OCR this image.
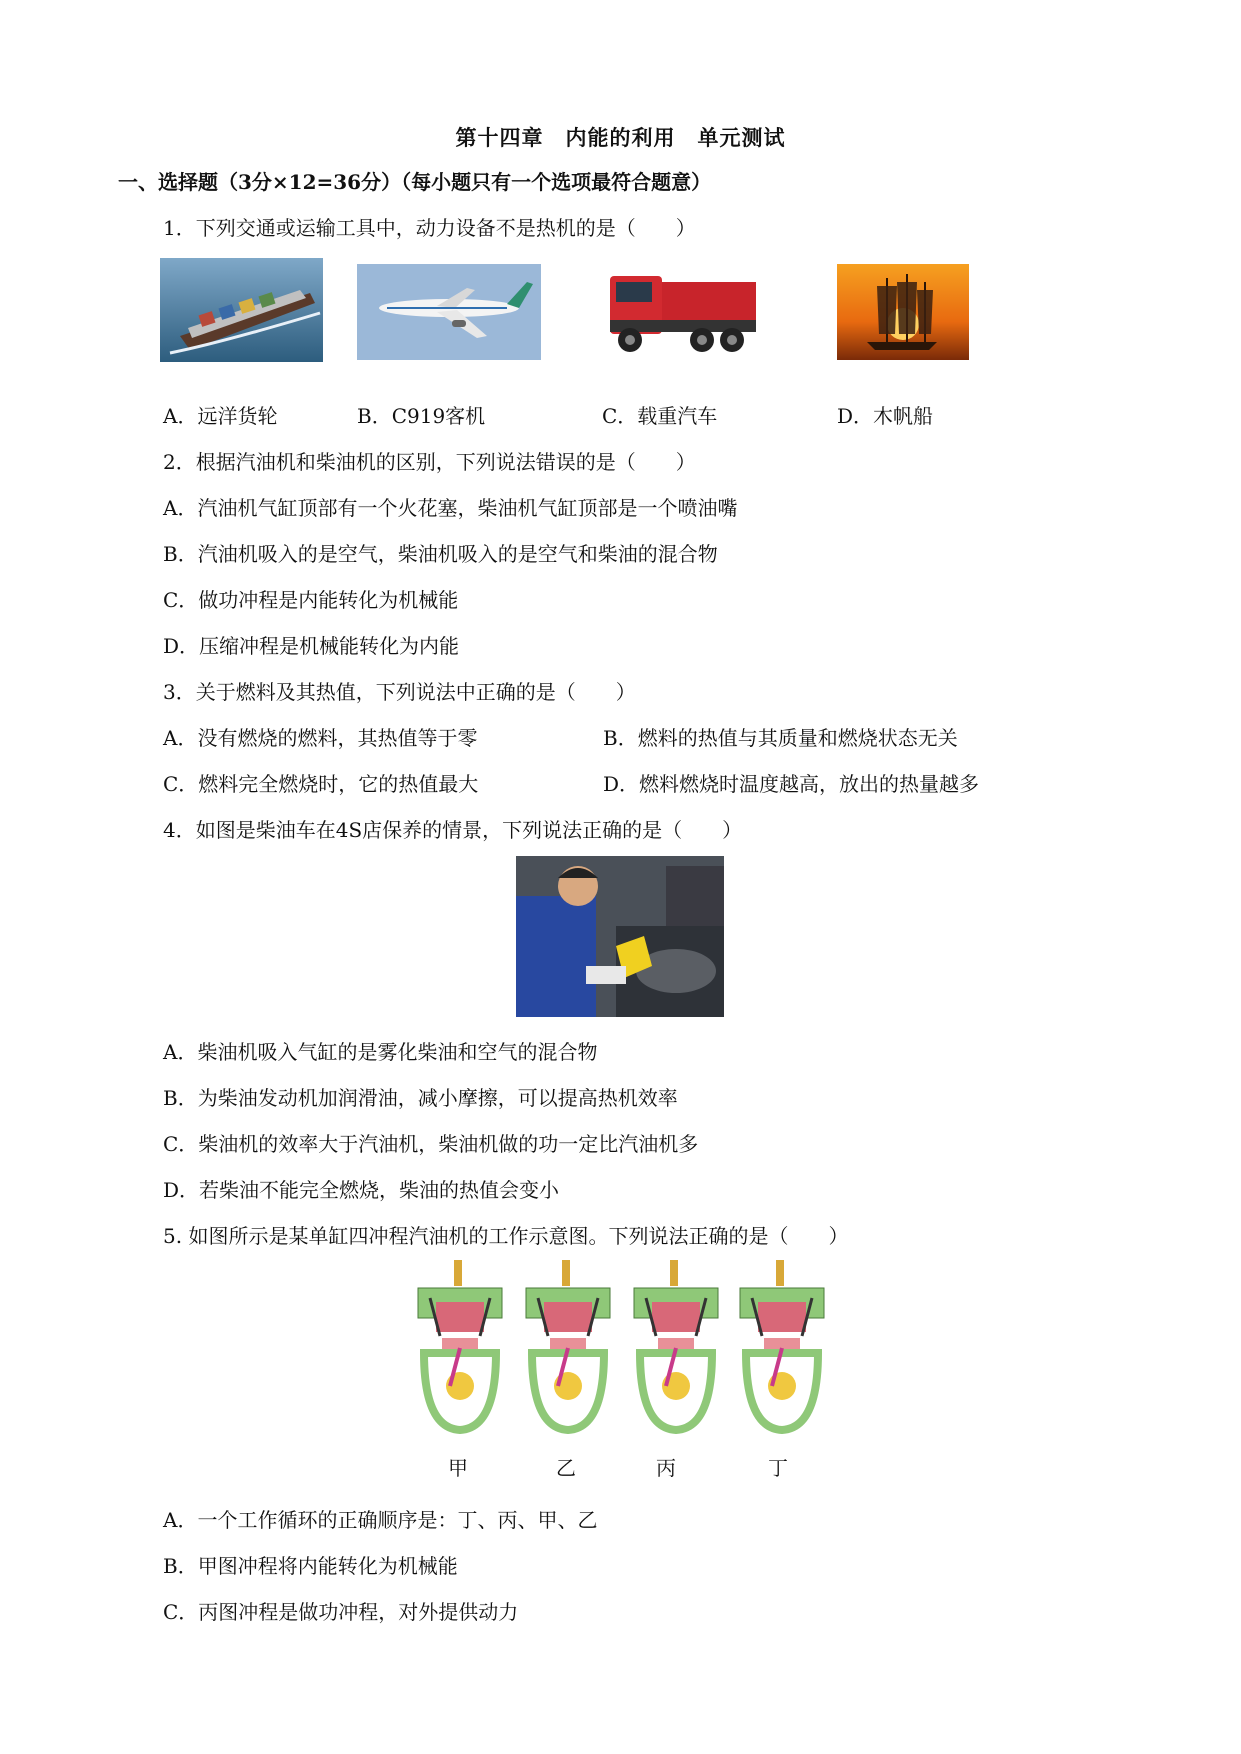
第十四章　内能的利用　单元测试
一、选择题（3分×12=36分）（每小题只有一个选项最符合题意）
1．下列交通或运输工具中，动力设备不是热机的是（　　）
A．远洋货轮	B．C919客机	C．载重汽车	D．木帆船
2．根据汽油机和柴油机的区别，下列说法错误的是（　　）
A．汽油机气缸顶部有一个火花塞，柴油机气缸顶部是一个喷油嘴
B．汽油机吸入的是空气，柴油机吸入的是空气和柴油的混合物
C．做功冲程是内能转化为机械能
D．压缩冲程是机械能转化为内能
3．关于燃料及其热值，下列说法中正确的是（　　）
A．没有燃烧的燃料，其热值等于零	B．燃料的热值与其质量和燃烧状态无关
C．燃料完全燃烧时，它的热值最大	D．燃料燃烧时温度越高，放出的热量越多
4．如图是柴油车在4S店保养的情景，下列说法正确的是（　　）
A．柴油机吸入气缸的是雾化柴油和空气的混合物
B．为柴油发动机加润滑油，减小摩擦，可以提高热机效率
C．柴油机的效率大于汽油机，柴油机做的功一定比汽油机多
D．若柴油不能完全燃烧，柴油的热值会变小
5. 如图所示是某单缸四冲程汽油机的工作示意图。下列说法正确的是（　　）
甲	乙	丙	丁
A．一个工作循环的正确顺序是：丁、丙、甲、乙
B．甲图冲程将内能转化为机械能
C．丙图冲程是做功冲程，对外提供动力
